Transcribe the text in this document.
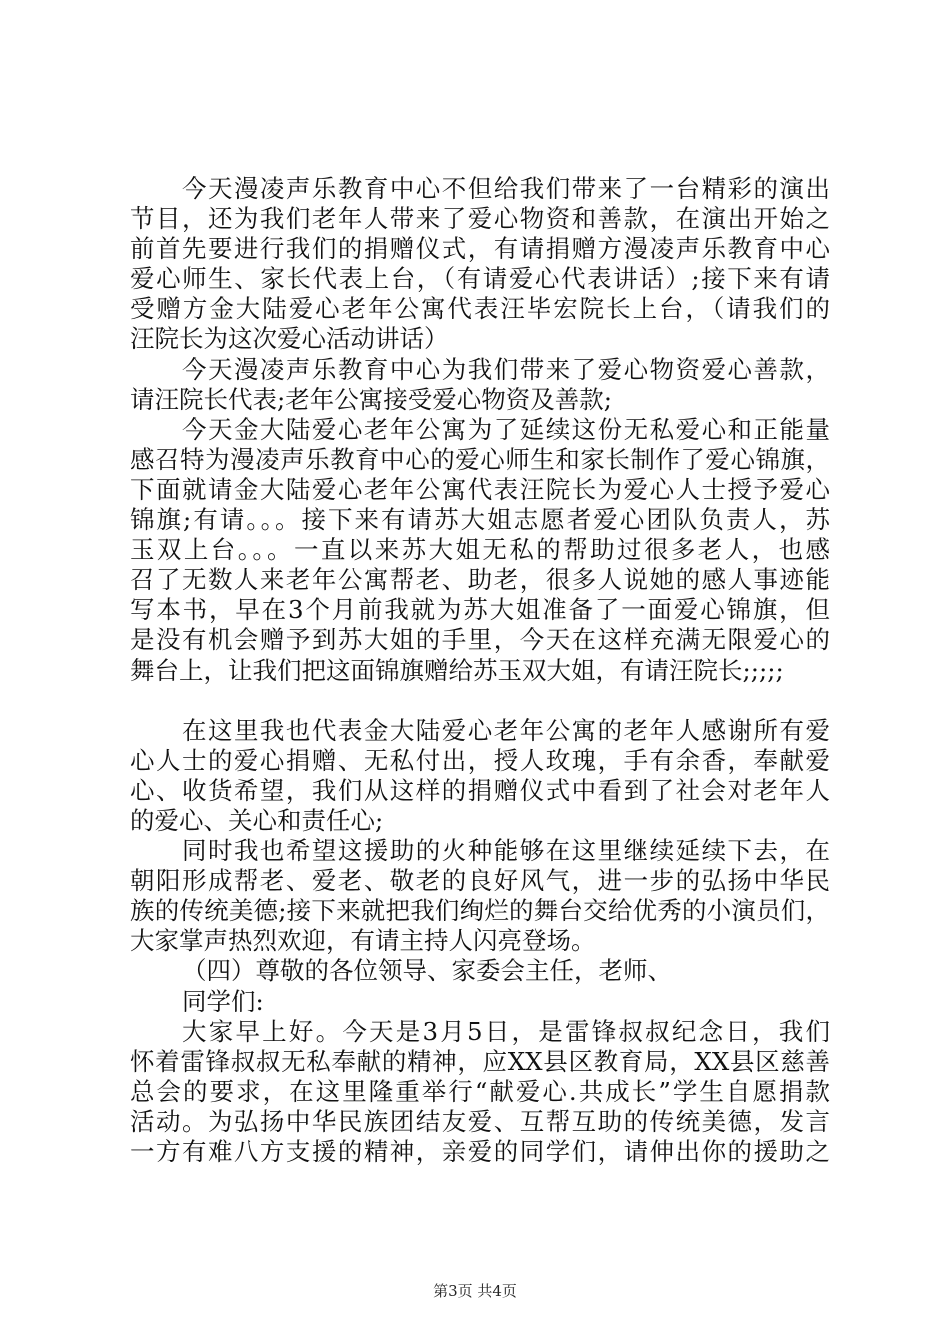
今天漫凌声乐教育中心不但给我们带来了一台精彩的演出
节目，还为我们老年人带来了爱心物资和善款，在演出开始之
前首先要进行我们的捐赠仪式，有请捐赠方漫凌声乐教育中心
爱心师生、家长代表上台，（有请爱心代表讲话）;接下来有请
受赠方金大陆爱心老年公寓代表汪毕宏院长上台，（请我们的
汪院长为这次爱心活动讲话）
今天漫凌声乐教育中心为我们带来了爱心物资爱心善款，
请汪院长代表;老年公寓接受爱心物资及善款;
今天金大陆爱心老年公寓为了延续这份无私爱心和正能量
感召特为漫凌声乐教育中心的爱心师生和家长制作了爱心锦旗，
下面就请金大陆爱心老年公寓代表汪院长为爱心人士授予爱心
锦旗;有请。。。接下来有请苏大姐志愿者爱心团队负责人，苏
玉双上台。。。一直以来苏大姐无私的帮助过很多老人，也感
召了无数人来老年公寓帮老、助老，很多人说她的感人事迹能
写本书，早在3个月前我就为苏大姐准备了一面爱心锦旗，但
是没有机会赠予到苏大姐的手里，今天在这样充满无限爱心的
舞台上，让我们把这面锦旗赠给苏玉双大姐，有请汪院长;;;;;
在这里我也代表金大陆爱心老年公寓的老年人感谢所有爱
心人士的爱心捐赠、无私付出，授人玫瑰，手有余香，奉献爱
心、收货希望，我们从这样的捐赠仪式中看到了社会对老年人
的爱心、关心和责任心;
同时我也希望这援助的火种能够在这里继续延续下去，在
朝阳形成帮老、爱老、敬老的良好风气，进一步的弘扬中华民
族的传统美德;接下来就把我们绚烂的舞台交给优秀的小演员们，
大家掌声热烈欢迎，有请主持人闪亮登场。
（四）尊敬的各位领导、家委会主任，老师、
同学们:
大家早上好。今天是3月5日，是雷锋叔叔纪念日，我们
怀着雷锋叔叔无私奉献的精神，应XX县区教育局，XX县区慈善
总会的要求，在这里隆重举行“献爱心.共成长”学生自愿捐款
活动。为弘扬中华民族团结友爱、互帮互助的传统美德，发言
一方有难八方支援的精神，亲爱的同学们，请伸出你的援助之
第3页 共4页
